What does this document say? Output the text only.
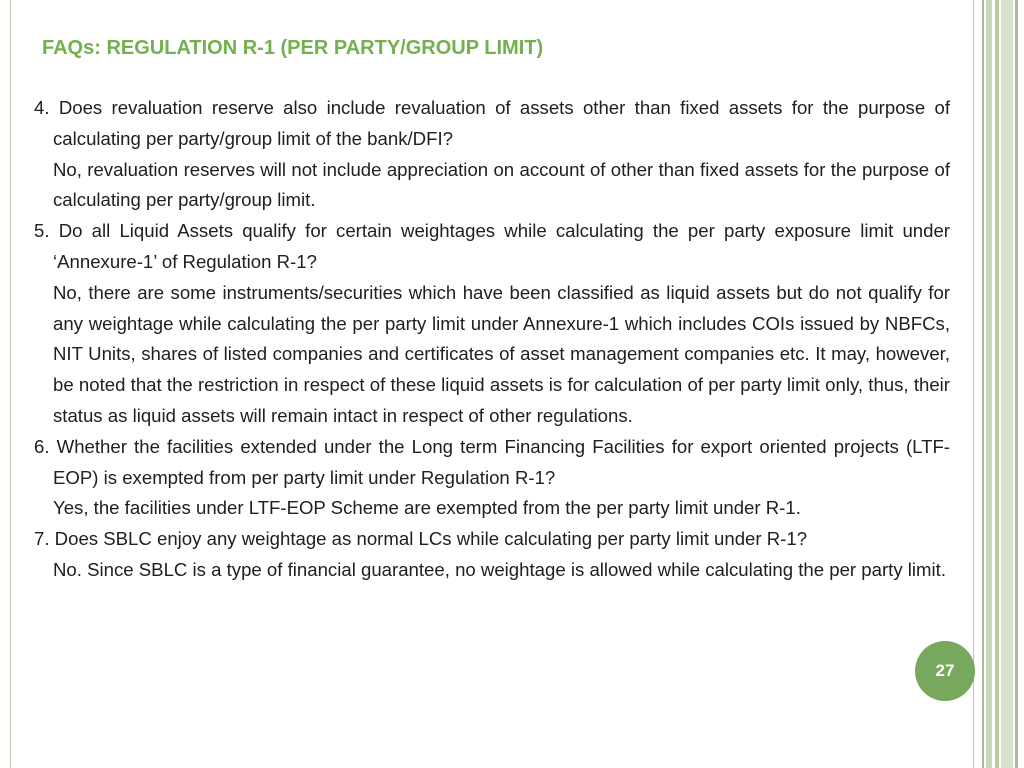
FAQs: REGULATION R-1 (PER PARTY/GROUP LIMIT)

4. Does revaluation reserve also include revaluation of assets other than fixed assets for the purpose of calculating per party/group limit of the bank/DFI?

No, revaluation reserves will not include appreciation on account of other than fixed assets for the purpose of calculating per party/group limit.

5. Do all Liquid Assets qualify for certain weightages while calculating the per party exposure limit under ‘Annexure-1’ of Regulation R-1?

No, there are some instruments/securities which have been classified as liquid assets but do not qualify for any weightage while calculating the per party limit under Annexure-1 which includes COIs issued by NBFCs, NIT Units, shares of listed companies and certificates of asset management companies etc. It may, however, be noted that the restriction in respect of these liquid assets is for calculation of per party limit only, thus, their status as liquid assets will remain intact in respect of other regulations.

6. Whether the facilities extended under the Long term Financing Facilities for export oriented projects (LTF-EOP) is exempted from per party limit under Regulation R-1?

Yes, the facilities under LTF-EOP Scheme are exempted from the per party limit under R-1.

7. Does SBLC enjoy any weightage as normal LCs while calculating per party limit under R-1?

No. Since SBLC is a type of financial guarantee, no weightage is allowed while calculating the per party limit.

27
